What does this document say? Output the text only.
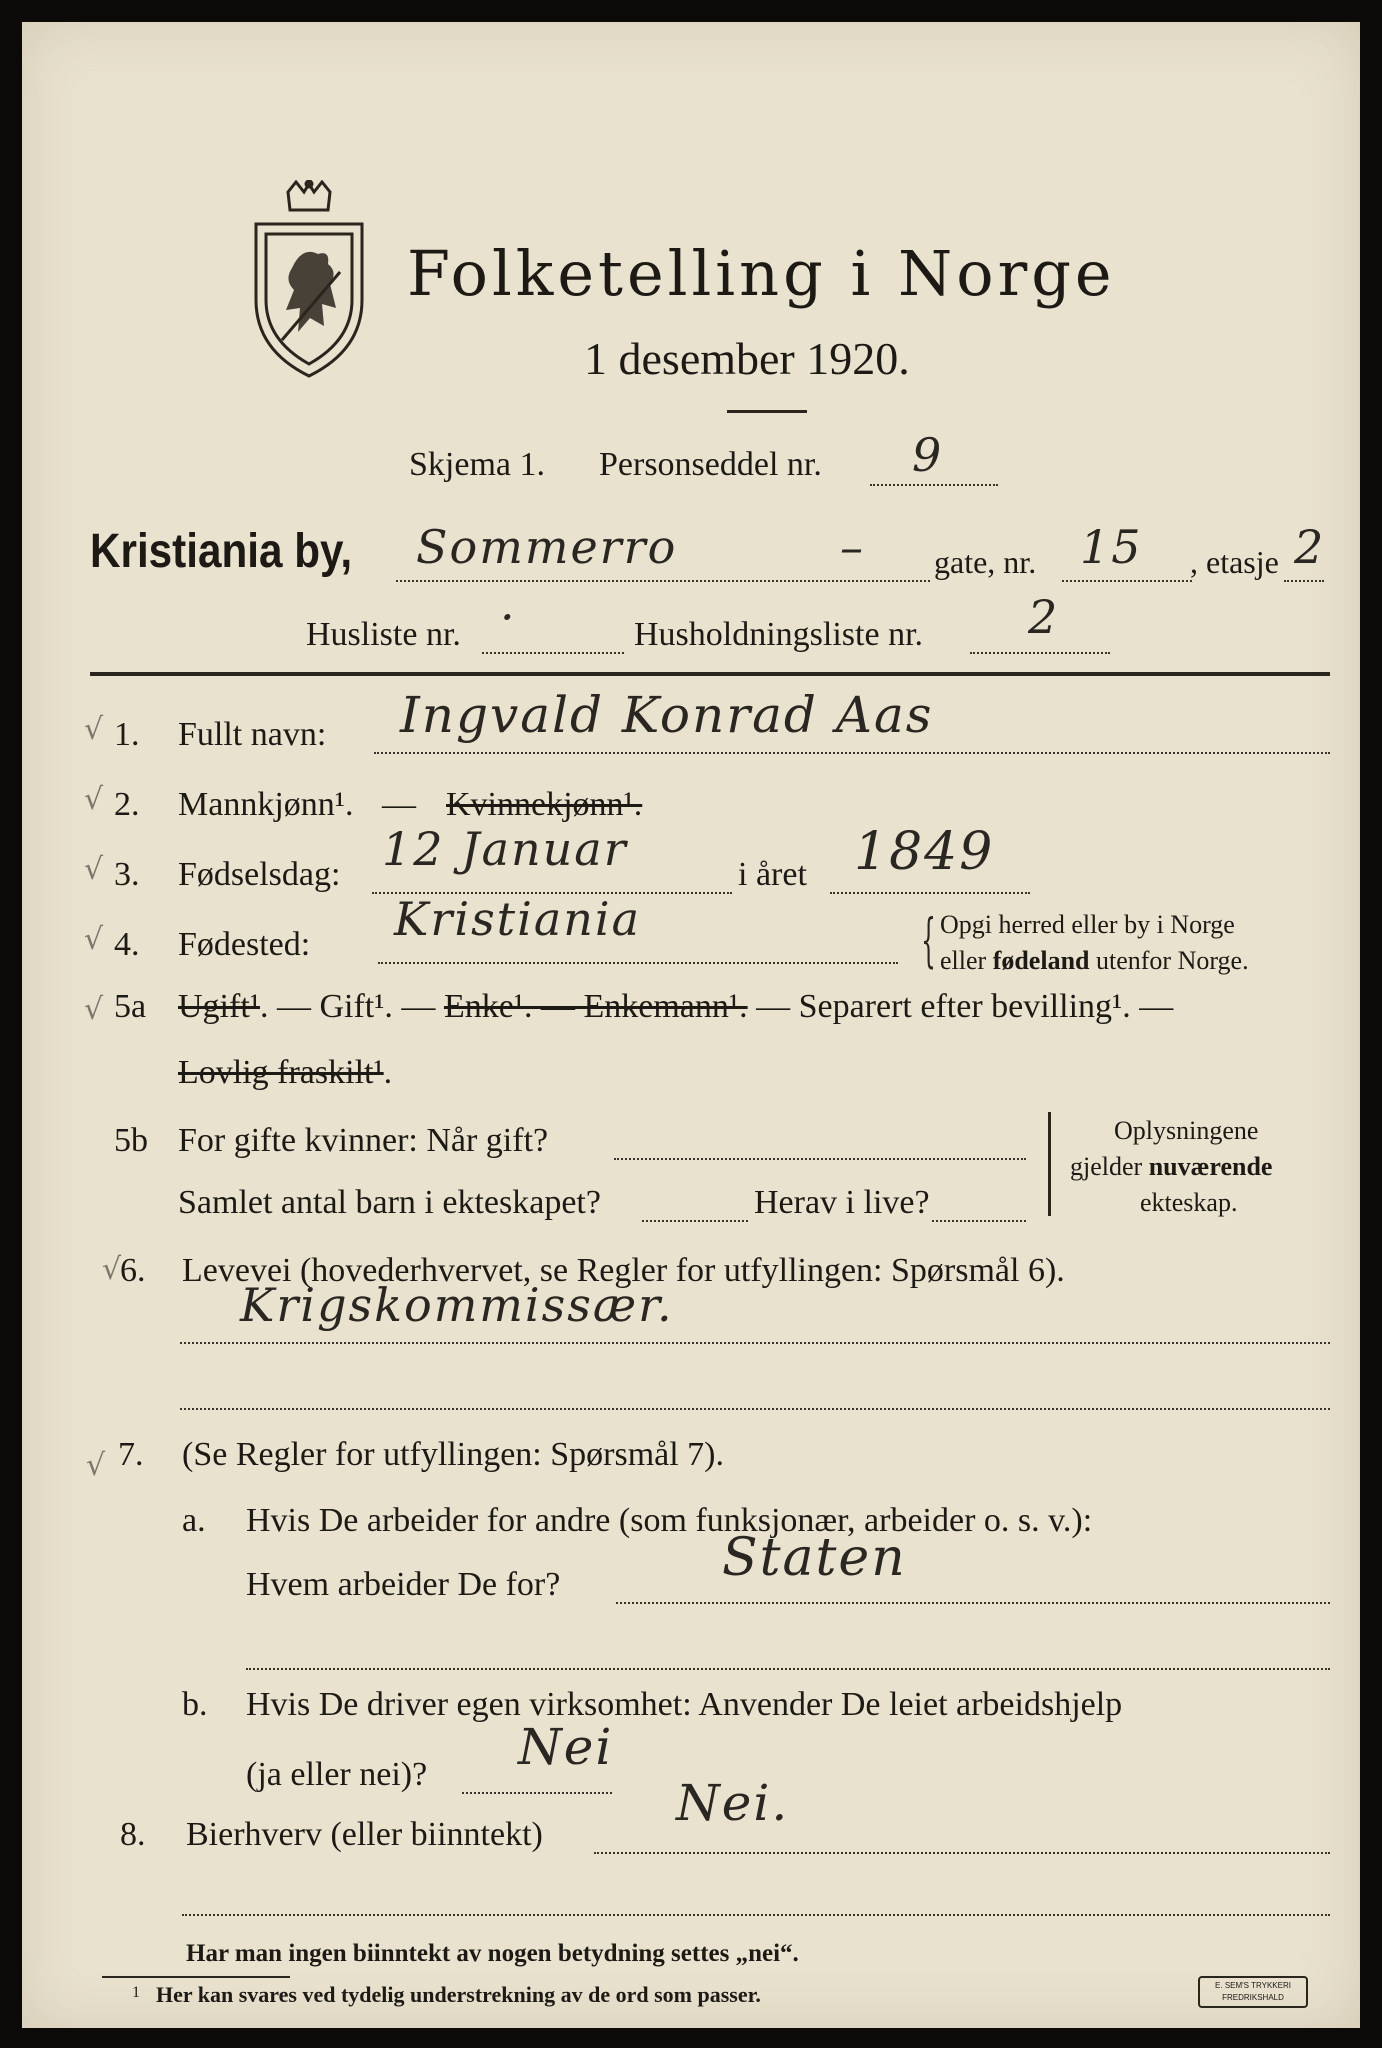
Folketelling i Norge
1 desember 1920.
Skjema 1. Personseddel nr. 9
Kristiania by, Sommerro	– gate, nr. 15 , etasje 2
Husliste nr. ·	Husholdningsliste nr. 2
√ 1. Fullt navn: Ingvald Konrad Aas
√ 2. Mannkjønn¹. — Kvinnekjønn¹.
√ 3. Fødselsdag: 12 Januar	i året 1849
√ 4. Fødested: Kristiania	{ Opgi herred eller by i Norge
eller fødeland utenfor Norge.
√ 5a Ugift¹. — Gift¹. — Enke¹. — Enkemann¹. — Separert efter bevilling¹. —
Lovlig fraskilt¹.
5b For gifte kvinner: Når gift?
Samlet antal barn i ekteskapet?	Herav i live?
Oplysningene
gjelder nuværende
ekteskap.
√
6. Levevei (hovederhvervet, se Regler for utfyllingen: Spørsmål 6).
Krigskommissær.
√ 7. (Se Regler for utfyllingen: Spørsmål 7).
a. Hvis De arbeider for andre (som funksjonær, arbeider o. s. v.):
Hvem arbeider De for?	Staten
b. Hvis De driver egen virksomhet: Anvender De leiet arbeidshjelp
(ja eller nei)? Nei
8. Bierhverv (eller biinntekt)
Nei.
Har man ingen biinntekt av nogen betydning settes „nei“.
1 Her kan svares ved tydelig understrekning av de ord som passer.	E. SEM'S TRYKKERI
FREDRIKSHALD
